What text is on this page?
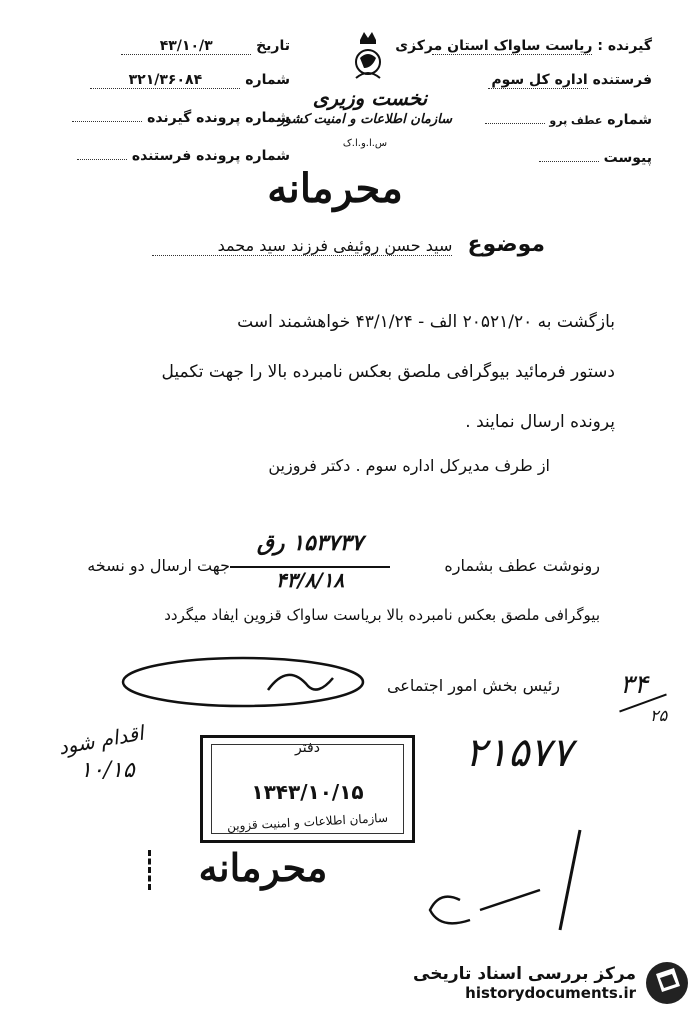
گیرنده : ریاست ساواک استان مرکزی
فرستنده اداره کل سوم
شماره عطف پرو
پیوست
نخست وزیری
سازمان اطلاعات و امنیت کشور
س.ا.و.ا.ک
تاریخ ۴۳/۱۰/۳
شماره ۳۲۱/۳۶۰۸۴
شماره پرونده گیرنده
شماره پرونده فرستنده
محرمانه
موضوع سید حسن روئیفی فرزند سید محمد
بازگشت به ۲۰۵۲۱/۲۰ الف - ۴۳/۱/۲۴ خواهشمند است
دستور فرمائید بیوگرافی ملصق بعکس نامبرده بالا را جهت تکمیل
پرونده ارسال نمایند .
از طرف مدیرکل اداره سوم . دکتر فروزین
رونوشت عطف بشماره
۱۵۳۷۳۷ رق
۴۳/۸/۱۸
جهت ارسال دو نسخه
بیوگرافی ملصق بعکس نامبرده بالا بریاست ساواک قزوین ایفاد میگردد
رئیس بخش امور اجتماعی
اقدام شود
۱۰/۱۵
۳۴
۲۵
۲۱۵۷۷
دفتر
۱۳۴۳/۱۰/۱۵
سازمان اطلاعات و امنیت قزوین
محرمانه
مرکز بررسی اسناد تاریخی
historydocuments.ir
